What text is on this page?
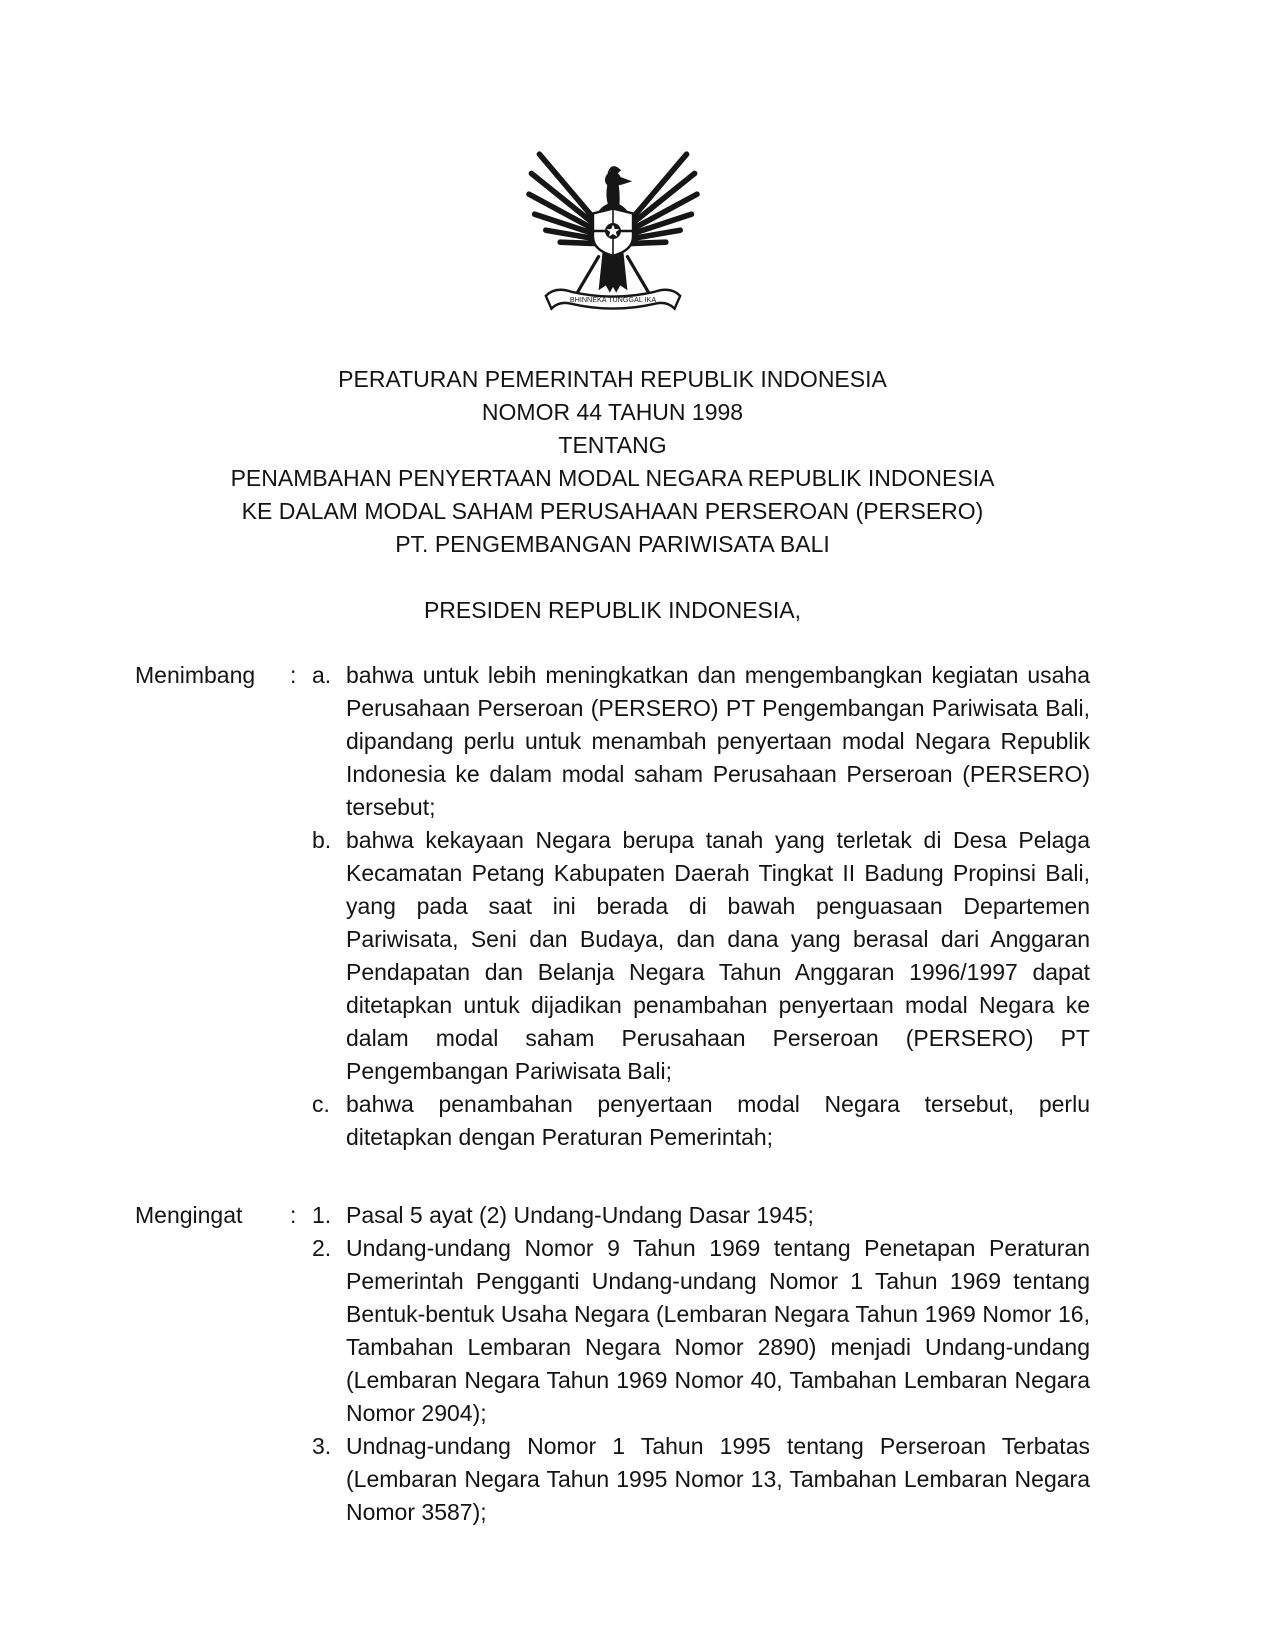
BHINNEKA TUNGGAL IKA
PERATURAN PEMERINTAH REPUBLIK INDONESIA
NOMOR 44 TAHUN 1998
TENTANG
PENAMBAHAN PENYERTAAN MODAL NEGARA REPUBLIK INDONESIA
KE DALAM MODAL SAHAM PERUSAHAAN PERSEROAN (PERSERO)
PT. PENGEMBANGAN PARIWISATA BALI
PRESIDEN REPUBLIK INDONESIA,
Menimbang	: a. bahwa untuk lebih meningkatkan dan mengembangkan kegiatan usaha Perusahaan Perseroan (PERSERO) PT Pengembangan Pariwisata Bali, dipandang perlu untuk menambah penyertaan modal Negara Republik Indonesia ke dalam modal saham Perusahaan Perseroan (PERSERO) tersebut;
b. bahwa kekayaan Negara berupa tanah yang terletak di Desa Pelaga Kecamatan Petang Kabupaten Daerah Tingkat II Badung Propinsi Bali, yang pada saat ini berada di bawah penguasaan Departemen Pariwisata, Seni dan Budaya, dan dana yang berasal dari Anggaran Pendapatan dan Belanja Negara Tahun Anggaran 1996/1997 dapat ditetapkan untuk dijadikan penambahan penyertaan modal Negara ke dalam modal saham Perusahaan Perseroan (PERSERO) PT Pengembangan Pariwisata Bali;
c. bahwa penambahan penyertaan modal Negara tersebut, perlu ditetapkan dengan Peraturan Pemerintah;
Mengingat	: 1. Pasal 5 ayat (2) Undang-Undang Dasar 1945;
2. Undang-undang Nomor 9 Tahun 1969 tentang Penetapan Peraturan Pemerintah Pengganti Undang-undang Nomor 1 Tahun 1969 tentang Bentuk-bentuk Usaha Negara (Lembaran Negara Tahun 1969 Nomor 16, Tambahan Lembaran Negara Nomor 2890) menjadi Undang-undang (Lembaran Negara Tahun 1969 Nomor 40, Tambahan Lembaran Negara Nomor 2904);
3. Undnag-undang Nomor 1 Tahun 1995 tentang Perseroan Terbatas (Lembaran Negara Tahun 1995 Nomor 13, Tambahan Lembaran Negara Nomor 3587);
